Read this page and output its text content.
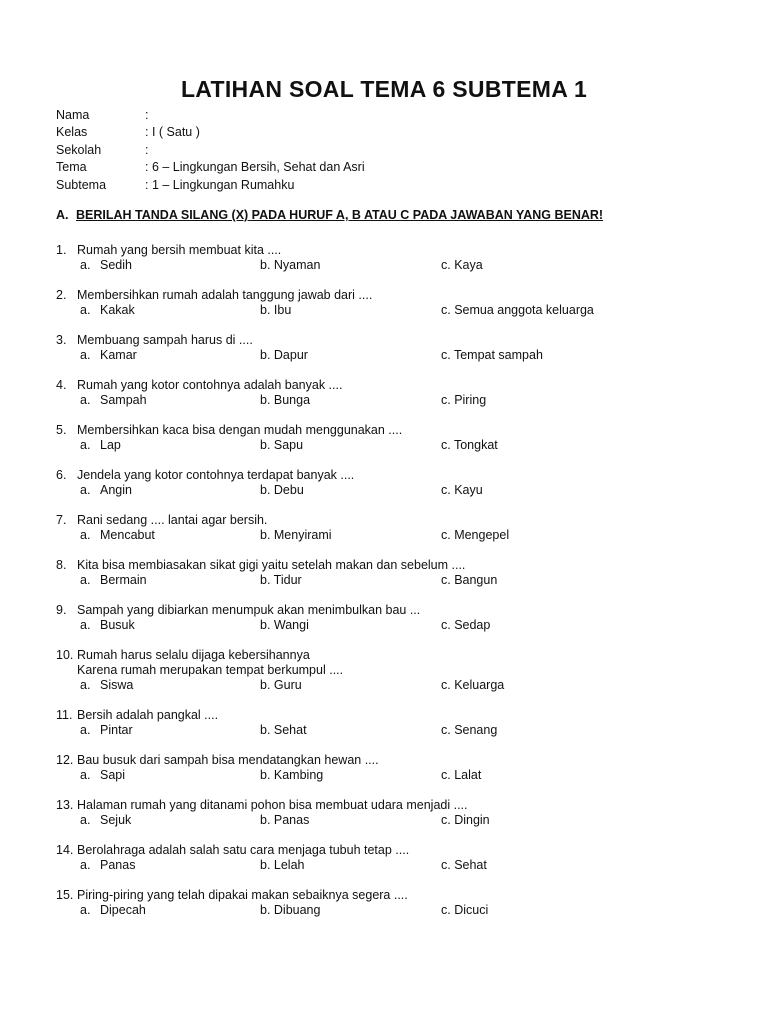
LATIHAN SOAL TEMA 6 SUBTEMA 1
Nama	:
Kelas	: I ( Satu )
Sekolah	:
Tema	: 6 – Lingkungan Bersih, Sehat dan Asri
Subtema	: 1 – Lingkungan Rumahku
A. BERILAH TANDA SILANG (X) PADA HURUF A, B ATAU C PADA JAWABAN YANG BENAR!
1. Rumah yang bersih membuat kita ....
a. Sedih	b. Nyaman	c. Kaya
2. Membersihkan rumah adalah tanggung jawab dari ....
a. Kakak	b. Ibu	c. Semua anggota keluarga
3. Membuang sampah harus di ....
a. Kamar	b. Dapur	c. Tempat sampah
4. Rumah yang kotor contohnya adalah banyak ....
a. Sampah	b. Bunga	c. Piring
5. Membersihkan kaca bisa dengan mudah menggunakan ....
a. Lap	b. Sapu	c. Tongkat
6. Jendela yang kotor contohnya terdapat banyak ....
a. Angin	b. Debu	c. Kayu
7. Rani sedang .... lantai agar bersih.
a. Mencabut	b. Menyirami	c. Mengepel
8. Kita bisa membiasakan sikat gigi yaitu setelah makan dan sebelum ....
a. Bermain	b. Tidur	c. Bangun
9. Sampah yang dibiarkan menumpuk akan menimbulkan bau ...
a. Busuk	b. Wangi	c. Sedap
10. Rumah harus selalu dijaga kebersihannya
Karena rumah merupakan tempat berkumpul ....
a. Siswa	b. Guru	c. Keluarga
11. Bersih adalah pangkal ....
a. Pintar	b. Sehat	c. Senang
12. Bau busuk dari sampah bisa mendatangkan hewan ....
a. Sapi	b. Kambing	c. Lalat
13. Halaman rumah yang ditanami pohon bisa membuat udara menjadi ....
a. Sejuk	b. Panas	c. Dingin
14. Berolahraga adalah salah satu cara menjaga tubuh tetap ....
a. Panas	b. Lelah	c. Sehat
15. Piring-piring yang telah dipakai makan sebaiknya segera ....
a. Dipecah	b. Dibuang	c. Dicuci
